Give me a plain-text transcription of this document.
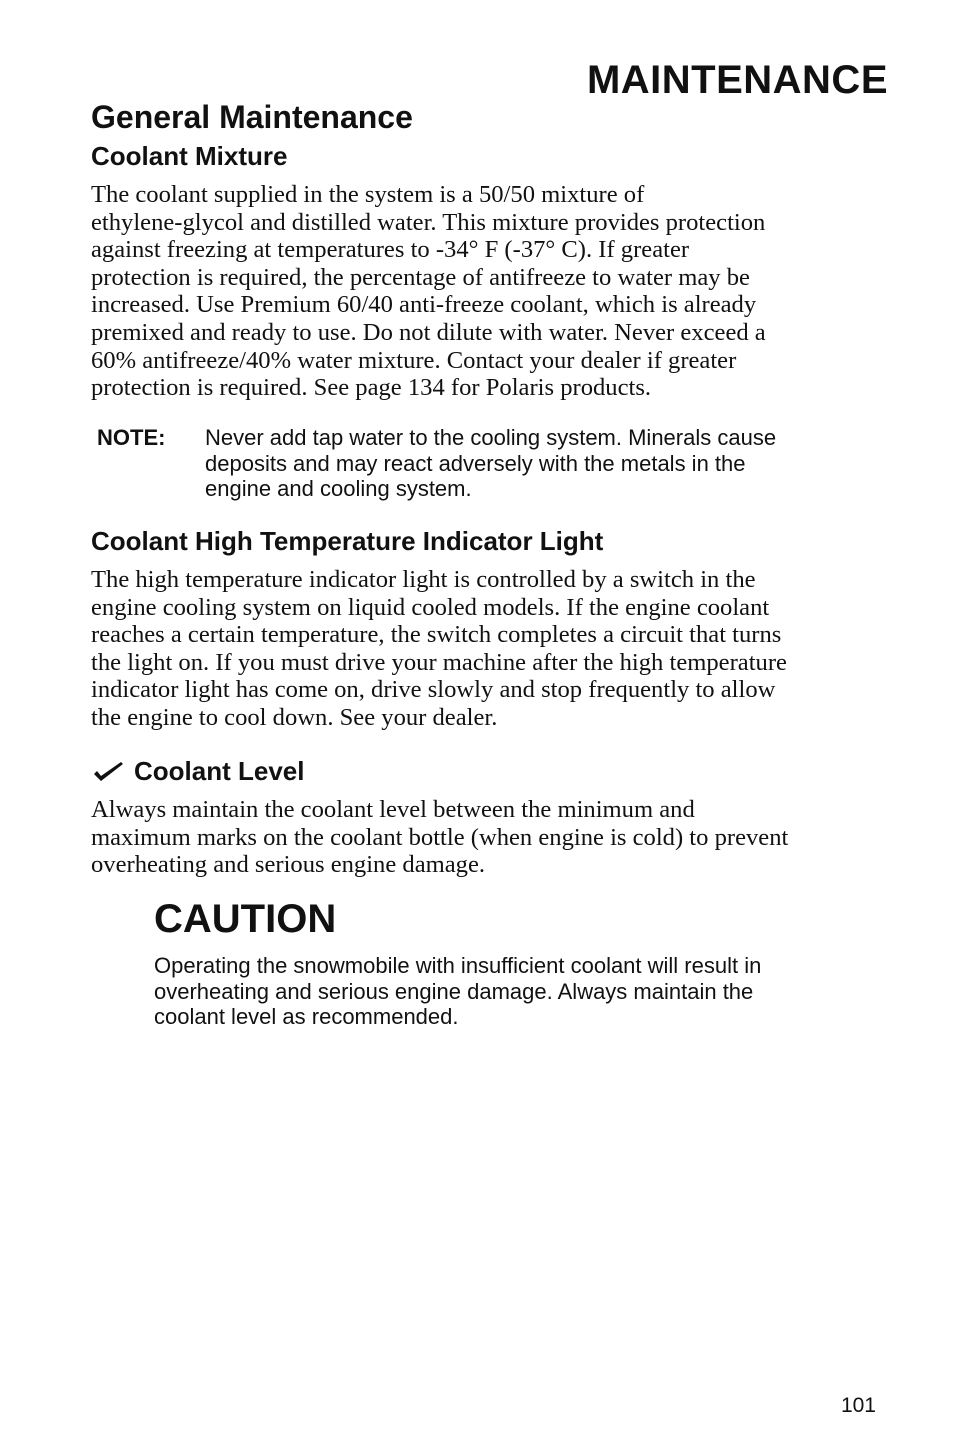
MAINTENANCE
General Maintenance
Coolant Mixture
The coolant supplied in the system is a 50/50 mixture of
ethylene-glycol and distilled water. This mixture provides protection
against freezing at temperatures to -34° F (-37° C). If greater
protection is required, the percentage of antifreeze to water may be
increased. Use Premium 60/40 anti-freeze coolant, which is already
premixed and ready to use. Do not dilute with water. Never exceed a
60% antifreeze/40% water mixture. Contact your dealer if greater
protection is required. See page 134 for Polaris products.
NOTE: Never add tap water to the cooling system. Minerals cause
deposits and may react adversely with the metals in the
engine and cooling system.
Coolant High Temperature Indicator Light
The high temperature indicator light is controlled by a switch in the
engine cooling system on liquid cooled models. If the engine coolant
reaches a certain temperature, the switch completes a circuit that turns
the light on. If you must drive your machine after the high temperature
indicator light has come on, drive slowly and stop frequently to allow
the engine to cool down. See your dealer.
Coolant Level
Always maintain the coolant level between the minimum and
maximum marks on the coolant bottle (when engine is cold) to prevent
overheating and serious engine damage.
CAUTION
Operating the snowmobile with insufficient coolant will result in
overheating and serious engine damage. Always maintain the
coolant level as recommended.
101
